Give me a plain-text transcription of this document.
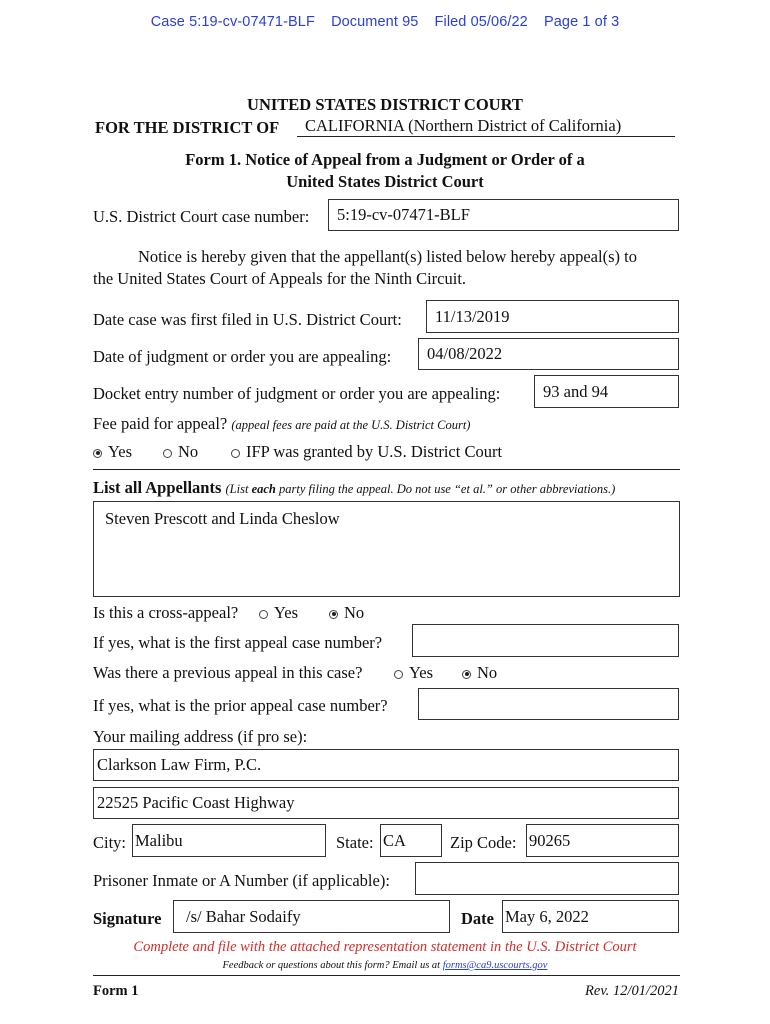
Case 5:19-cv-07471-BLF Document 95 Filed 05/06/22 Page 1 of 3
UNITED STATES DISTRICT COURT
FOR THE DISTRICT OF	CALIFORNIA (Northern District of California)
Form 1. Notice of Appeal from a Judgment or Order of a
United States District Court
U.S. District Court case number:	5:19-cv-07471-BLF
Notice is hereby given that the appellant(s) listed below hereby appeal(s) to
the United States Court of Appeals for the Ninth Circuit.
Date case was first filed in U.S. District Court:	11/13/2019
Date of judgment or order you are appealing:	04/08/2022
Docket entry number of judgment or order you are appealing:	93 and 94
Fee paid for appeal? (appeal fees are paid at the U.S. District Court)
Yes	No	IFP was granted by U.S. District Court
List all Appellants (List each party filing the appeal. Do not use “et al.” or other abbreviations.)
Steven Prescott and Linda Cheslow
Is this a cross-appeal?	Yes	No
If yes, what is the first appeal case number?
Was there a previous appeal in this case?	Yes	No
If yes, what is the prior appeal case number?
Your mailing address (if pro se):
Clarkson Law Firm, P.C.
22525 Pacific Coast Highway
City: Malibu	State: CA	Zip Code: 90265
Prisoner Inmate or A Number (if applicable):
Signature	/s/ Bahar Sodaify	Date May 6, 2022
Complete and file with the attached representation statement in the U.S. District Court
Feedback or questions about this form? Email us at forms@ca9.uscourts.gov
Form 1	Rev. 12/01/2021
